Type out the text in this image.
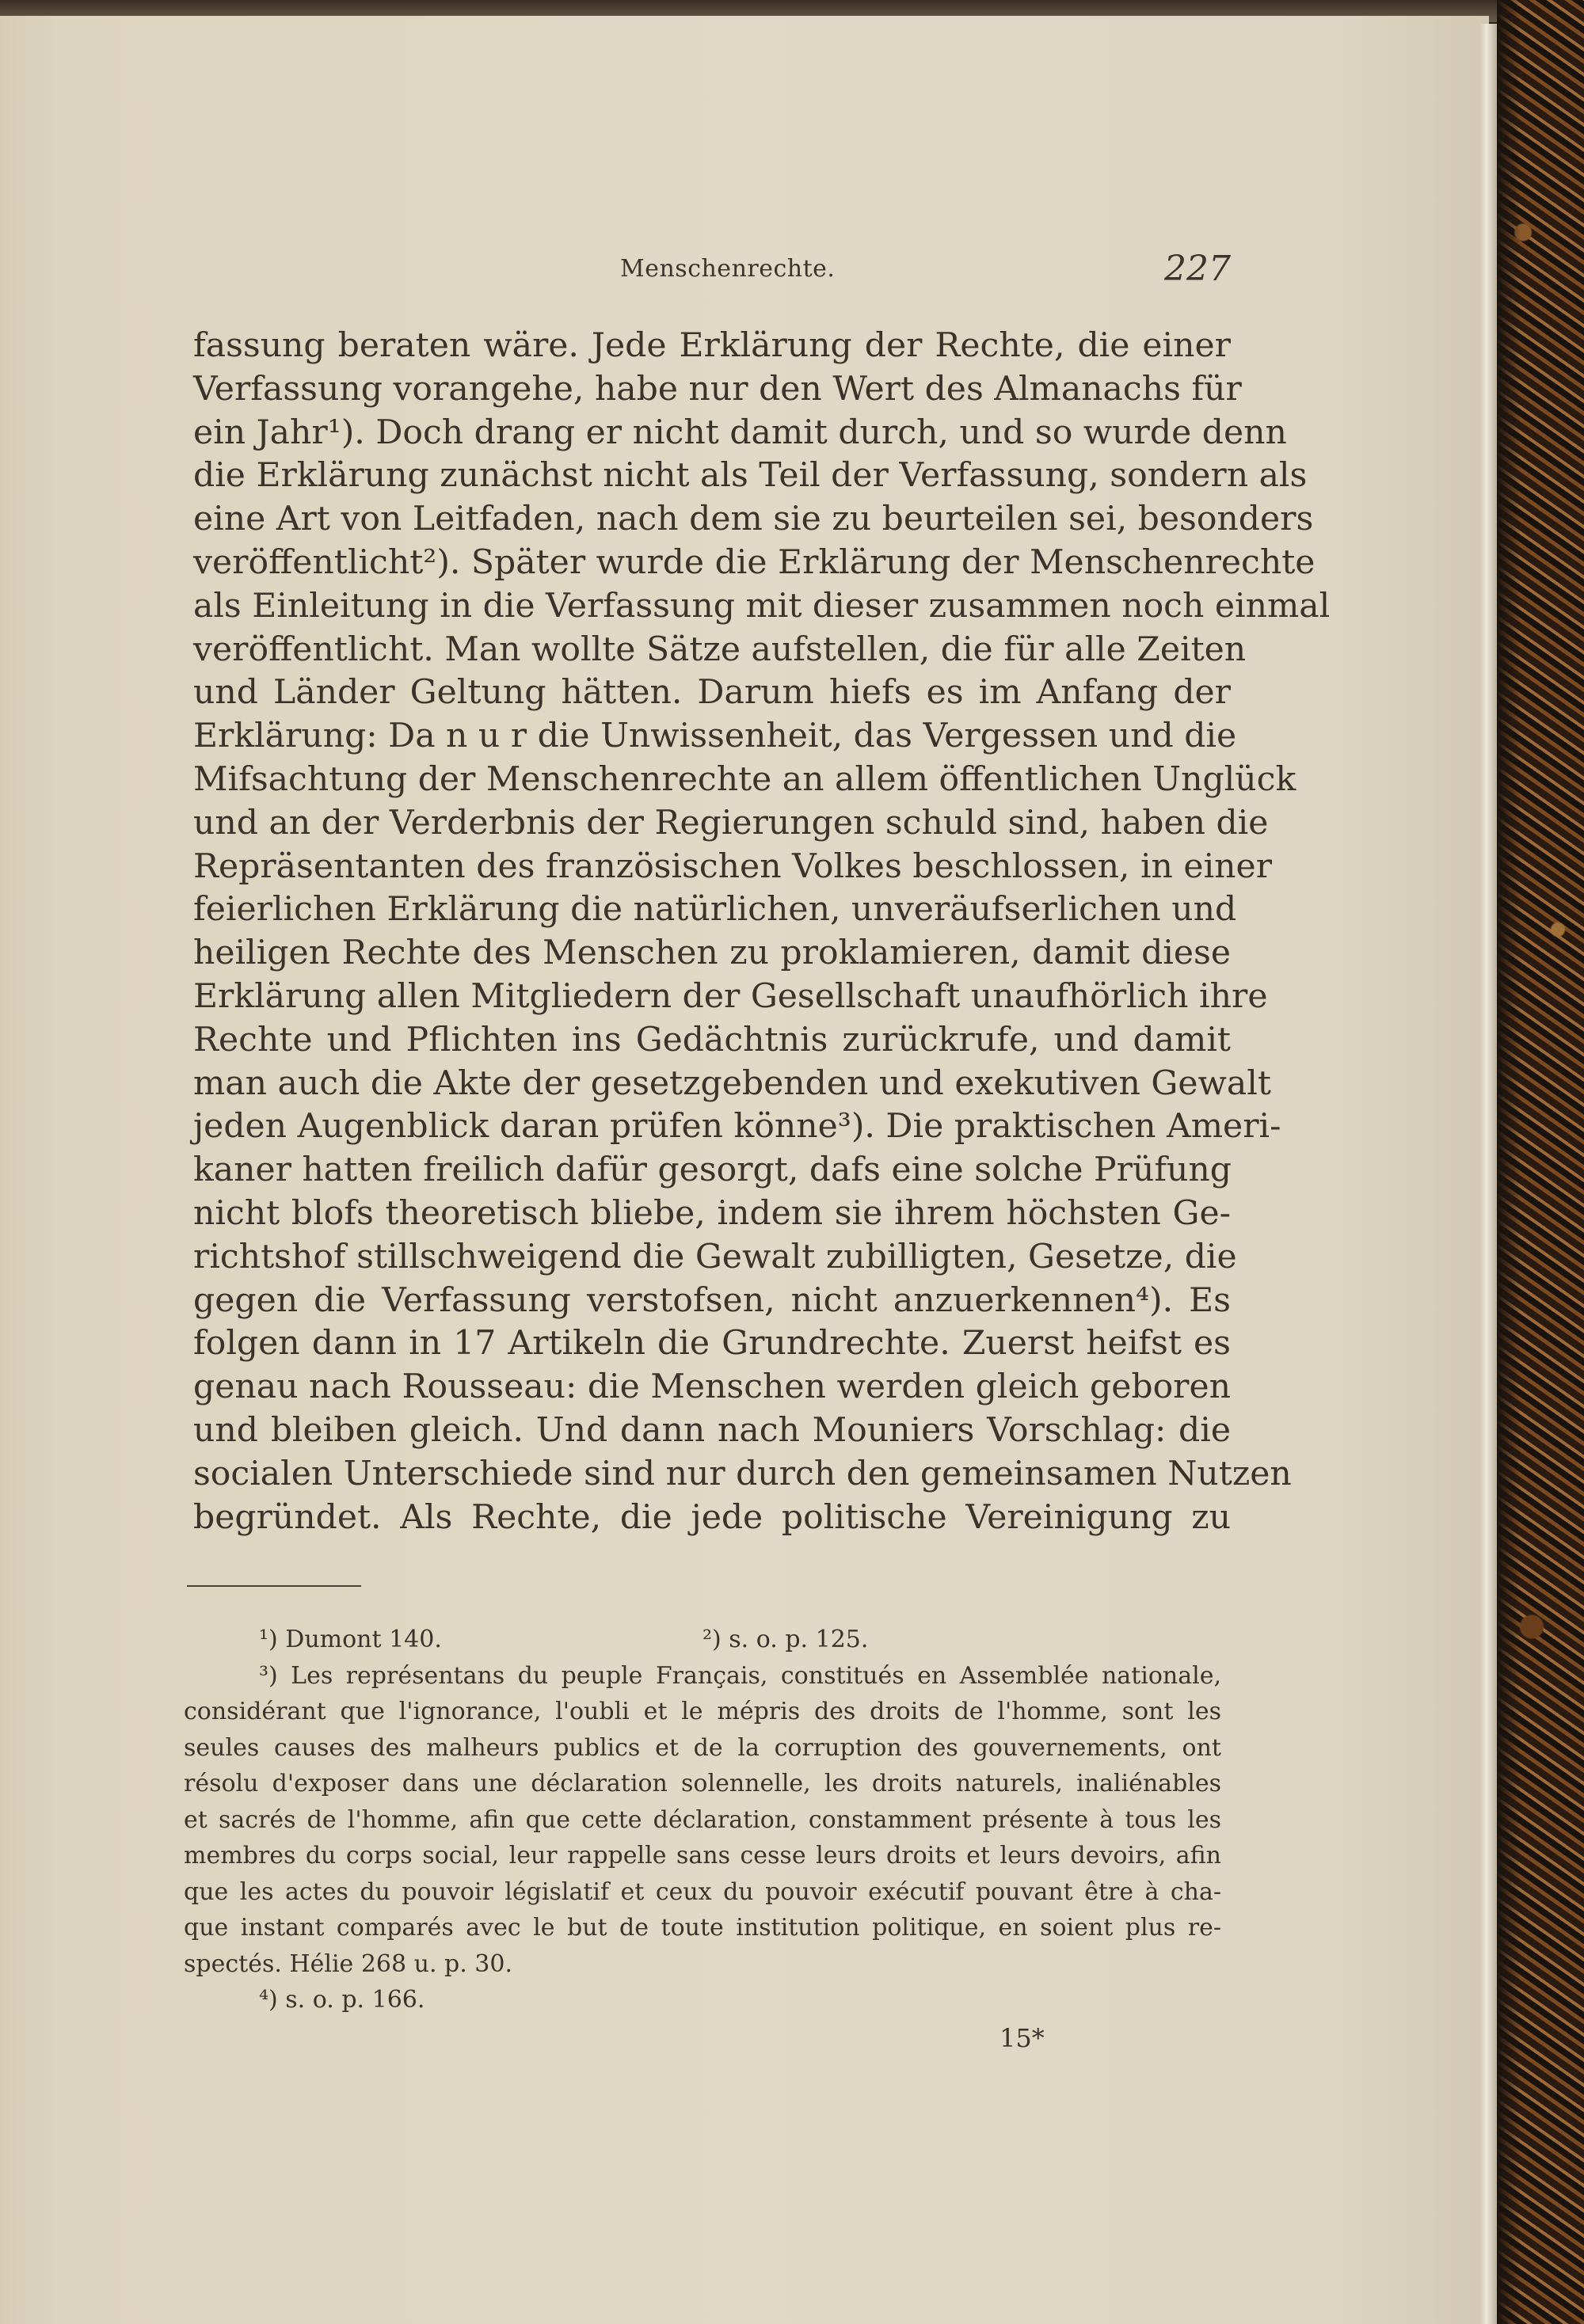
Menschenrechte.	227
fassung beraten wäre. Jede Erklärung der Rechte, die einer
Verfassung vorangehe, habe nur den Wert des Almanachs für
ein Jahr¹). Doch drang er nicht damit durch, und so wurde denn
die Erklärung zunächst nicht als Teil der Verfassung, sondern als
eine Art von Leitfaden, nach dem sie zu beurteilen sei, besonders
veröffentlicht²). Später wurde die Erklärung der Menschenrechte
als Einleitung in die Verfassung mit dieser zusammen noch einmal
veröffentlicht. Man wollte Sätze aufstellen, die für alle Zeiten
und Länder Geltung hätten. Darum hiefs es im Anfang der
Erklärung: Da n u r die Unwissenheit, das Vergessen und die
Mifsachtung der Menschenrechte an allem öffentlichen Unglück
und an der Verderbnis der Regierungen schuld sind, haben die
Repräsentanten des französischen Volkes beschlossen, in einer
feierlichen Erklärung die natürlichen, unveräufserlichen und
heiligen Rechte des Menschen zu proklamieren, damit diese
Erklärung allen Mitgliedern der Gesellschaft unaufhörlich ihre
Rechte und Pflichten ins Gedächtnis zurückrufe, und damit
man auch die Akte der gesetzgebenden und exekutiven Gewalt
jeden Augenblick daran prüfen könne³). Die praktischen Ameri-
kaner hatten freilich dafür gesorgt, dafs eine solche Prüfung
nicht blofs theoretisch bliebe, indem sie ihrem höchsten Ge-
richtshof stillschweigend die Gewalt zubilligten, Gesetze, die
gegen die Verfassung verstofsen, nicht anzuerkennen⁴). Es
folgen dann in 17 Artikeln die Grundrechte. Zuerst heifst es
genau nach Rousseau: die Menschen werden gleich geboren
und bleiben gleich. Und dann nach Mouniers Vorschlag: die
socialen Unterschiede sind nur durch den gemeinsamen Nutzen
begründet. Als Rechte, die jede politische Vereinigung zu
¹) Dumont 140.	²) s. o. p. 125.
³) Les représentans du peuple Français, constitués en Assemblée nationale,
considérant que l'ignorance, l'oubli et le mépris des droits de l'homme, sont les
seules causes des malheurs publics et de la corruption des gouvernements, ont
résolu d'exposer dans une déclaration solennelle, les droits naturels, inaliénables
et sacrés de l'homme, afin que cette déclaration, constamment présente à tous les
membres du corps social, leur rappelle sans cesse leurs droits et leurs devoirs, afin
que les actes du pouvoir législatif et ceux du pouvoir exécutif pouvant être à cha-
que instant comparés avec le but de toute institution politique, en soient plus re-
spectés. Hélie 268 u. p. 30.
⁴) s. o. p. 166.
15*
